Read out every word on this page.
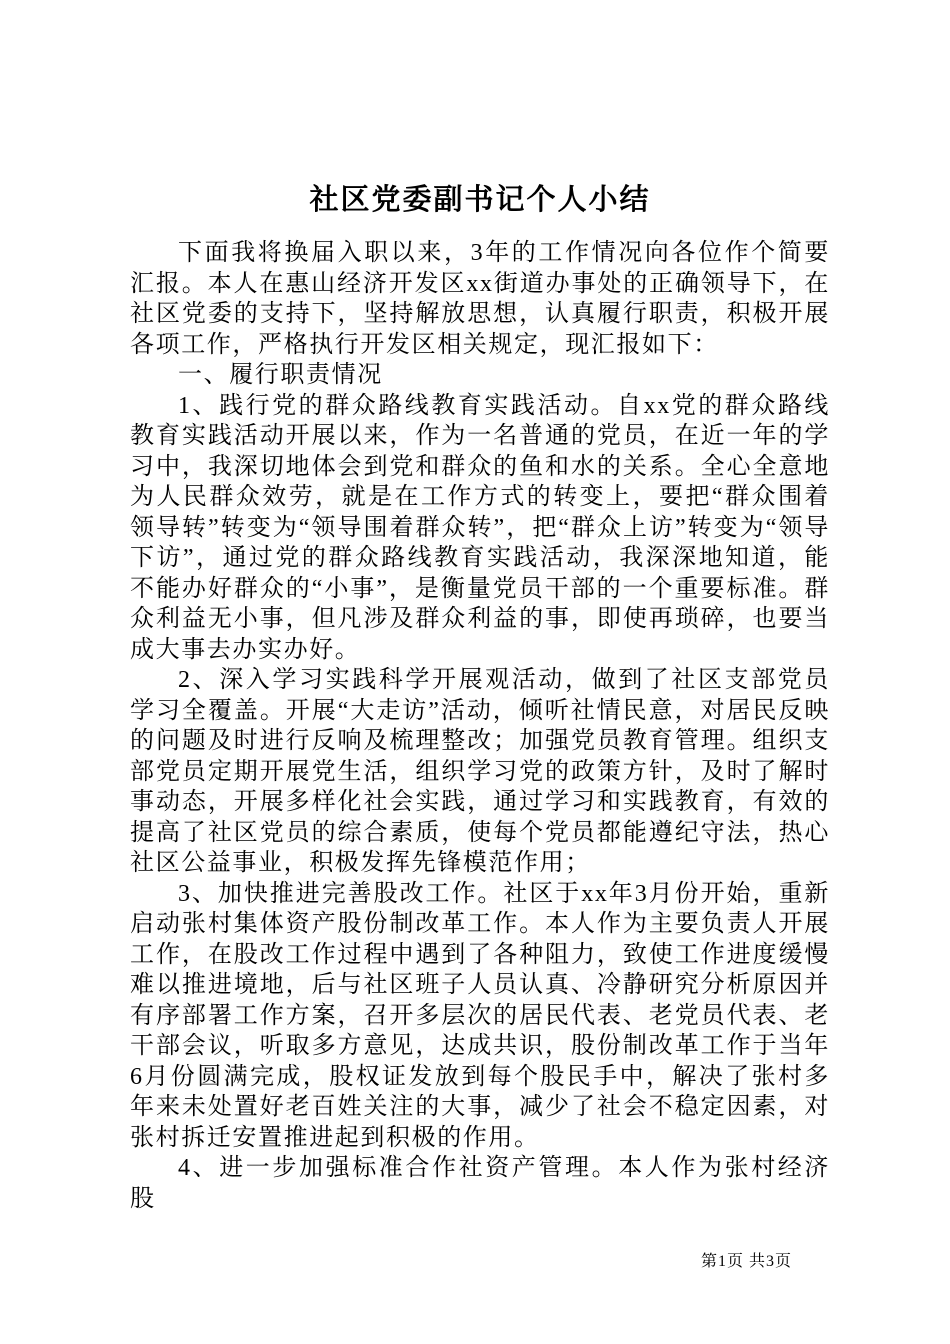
社区党委副书记个人小结

下面我将换届入职以来，3年的工作情况向各位作个简要汇报。本人在惠山经济开发区xx街道办事处的正确领导下，在社区党委的支持下，坚持解放思想，认真履行职责，积极开展各项工作，严格执行开发区相关规定，现汇报如下：

一、履行职责情况

1、践行党的群众路线教育实践活动。自xx党的群众路线教育实践活动开展以来，作为一名普通的党员，在近一年的学习中，我深切地体会到党和群众的鱼和水的关系。全心全意地为人民群众效劳，就是在工作方式的转变上，要把“群众围着领导转”转变为“领导围着群众转”，把“群众上访”转变为“领导下访”，通过党的群众路线教育实践活动，我深深地知道，能不能办好群众的“小事”，是衡量党员干部的一个重要标准。群众利益无小事，但凡涉及群众利益的事，即使再琐碎，也要当成大事去办实办好。

2、深入学习实践科学开展观活动，做到了社区支部党员学习全覆盖。开展“大走访”活动，倾听社情民意，对居民反映的问题及时进行反响及梳理整改；加强党员教育管理。组织支部党员定期开展党生活，组织学习党的政策方针，及时了解时事动态，开展多样化社会实践，通过学习和实践教育，有效的提高了社区党员的综合素质，使每个党员都能遵纪守法，热心社区公益事业，积极发挥先锋模范作用；

3、加快推进完善股改工作。社区于xx年3月份开始，重新启动张村集体资产股份制改革工作。本人作为主要负责人开展工作，在股改工作过程中遇到了各种阻力，致使工作进度缓慢难以推进境地，后与社区班子人员认真、冷静研究分析原因并有序部署工作方案，召开多层次的居民代表、老党员代表、老干部会议，听取多方意见，达成共识，股份制改革工作于当年6月份圆满完成，股权证发放到每个股民手中，解决了张村多年来未处置好老百姓关注的大事，减少了社会不稳定因素，对张村拆迁安置推进起到积极的作用。

4、进一步加强标准合作社资产管理。本人作为张村经济股

第1页 共3页
